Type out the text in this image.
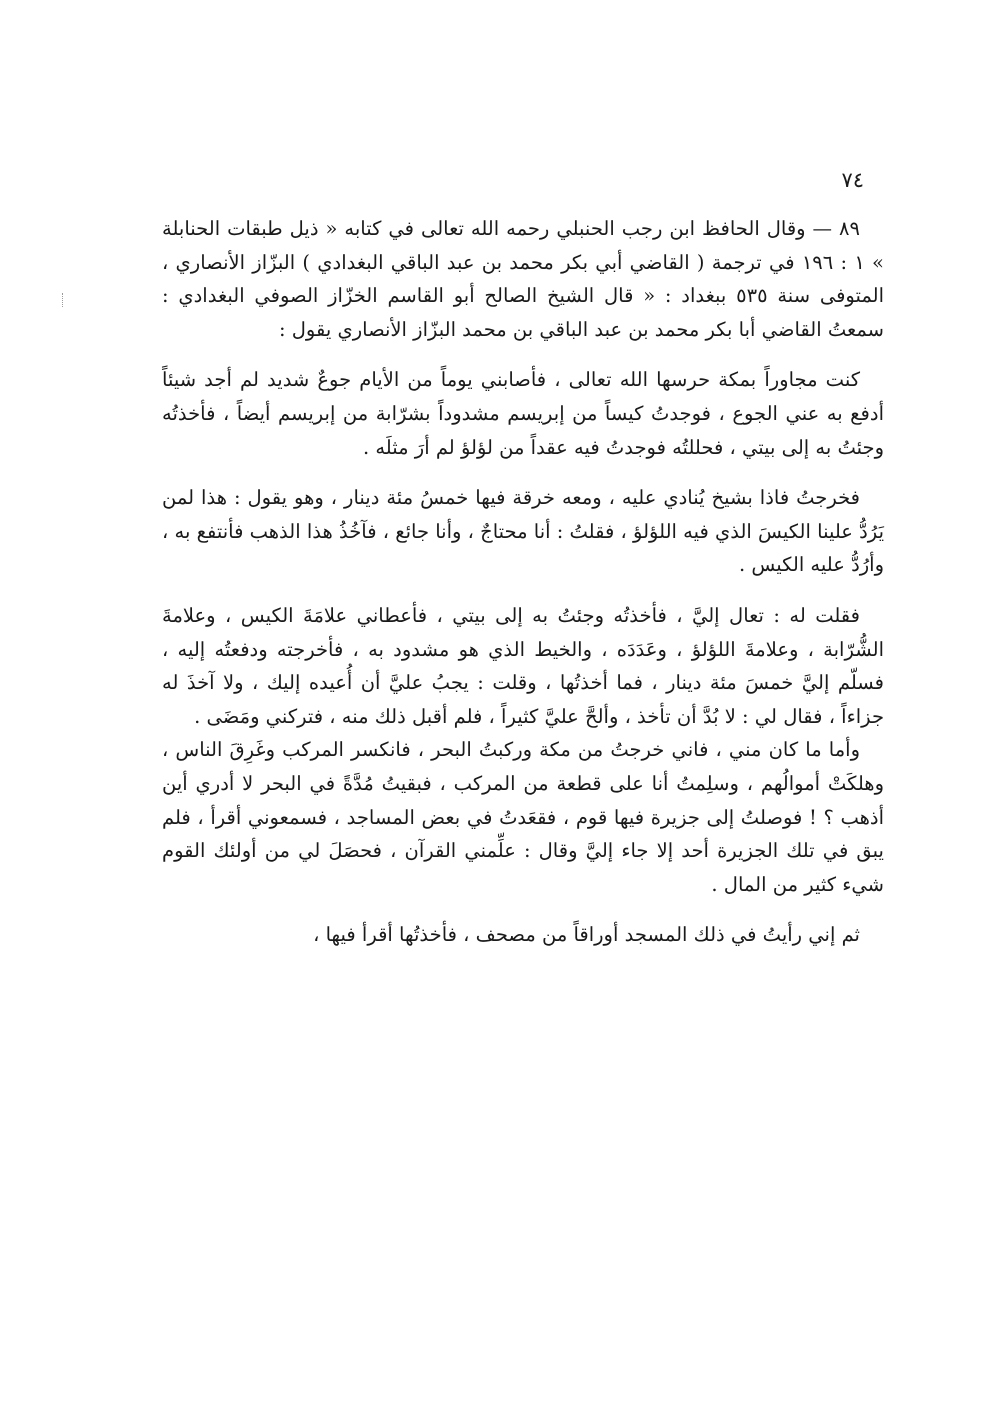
٧٤

٨٩ — وقال الحافظ ابن رجب الحنبلي رحمه الله تعالى في كتابه « ذيل طبقات الحنابلة » ١ : ١٩٦ في ترجمة ( القاضي أبي بكر محمد بن عبد الباقي البغدادي ) البزّاز الأنصاري ، المتوفى سنة ٥٣٥ ببغداد : « قال الشيخ الصالح أبو القاسم الخزّاز الصوفي البغدادي : سمعتُ القاضي أبا بكر محمد بن عبد الباقي بن محمد البزّاز الأنصاري يقول :

كنت مجاوراً بمكة حرسها الله تعالى ، فأصابني يوماً من الأيام جوعٌ شديد لم أجد شيئاً أدفع به عني الجوع ، فوجدتُ كيساً من إبريسم مشدوداً بشرّابة من إبريسم أيضاً ، فأخذتُه وجئتُ به إلى بيتي ، فحللتُه فوجدتُ فيه عقداً من لؤلؤ لم أرَ مثلَه .

فخرجتُ فاذا بشيخ يُنادي عليه ، ومعه خرقة فيها خمسُ مئة دينار ، وهو يقول : هذا لمن يَرُدُّ علينا الكيسَ الذي فيه اللؤلؤ ، فقلتُ : أنا محتاجٌ ، وأنا جائع ، فآخُذُ هذا الذهب فأنتفع به ، وأرُدُّ عليه الكيس .

فقلت له : تعال إليَّ ، فأخذتُه وجئتُ به إلى بيتي ، فأعطاني علامَةَ الكيس ، وعلامةَ الشُّرّابة ، وعلامةَ اللؤلؤ ، وعَدَدَه ، والخيط الذي هو مشدود به ، فأخرجته ودفعتُه إليه ، فسلّم إليَّ خمسَ مئة دينار ، فما أخذتُها ، وقلت : يجبُ عليَّ أن أُعيده إليك ، ولا آخذَ له جزاءاً ، فقال لي : لا بُدَّ أن تأخذ ، وألحَّ عليَّ كثيراً ، فلم أقبل ذلك منه ، فتركني ومَضَى .

وأما ما كان مني ، فاني خرجتُ من مكة وركبتُ البحر ، فانكسر المركب وغَرِقَ الناس ، وهلكَتْ أموالُهم ، وسلِمتُ أنا على قطعة من المركب ، فبقيتُ مُدَّةً في البحر لا أدري أين أذهب ؟ ! فوصلتُ إلى جزيرة فيها قوم ، فقعَدتُ في بعض المساجد ، فسمعوني أقرأ ، فلم يبق في تلك الجزيرة أحد إلا جاء إليَّ وقال : علِّمني القرآن ، فحصَلَ لي من أولئك القوم شيء كثير من المال .

ثم إني رأيتُ في ذلك المسجد أوراقاً من مصحف ، فأخذتُها أقرأ فيها ،
